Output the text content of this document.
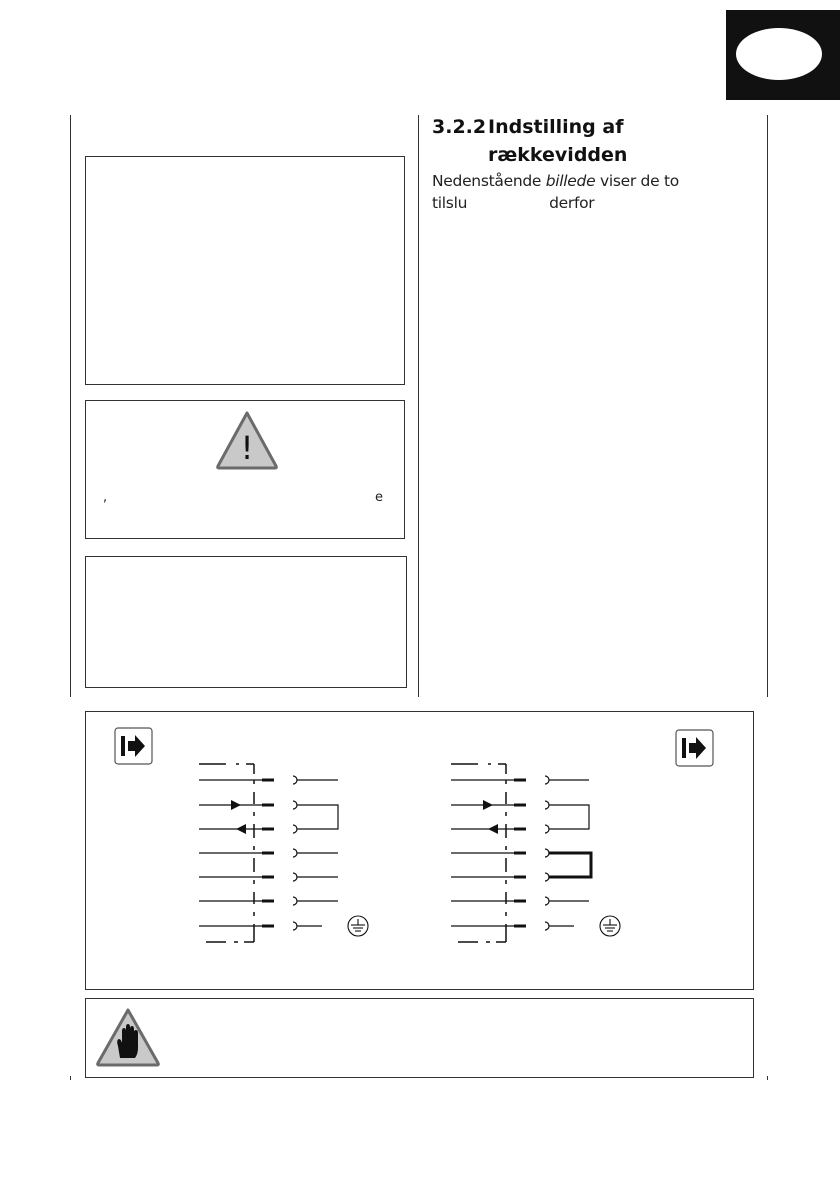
!
,	e
3.2.2Indstilling af
rækkevidden
Nedenstående billede viser de to
tilslu	derfor
